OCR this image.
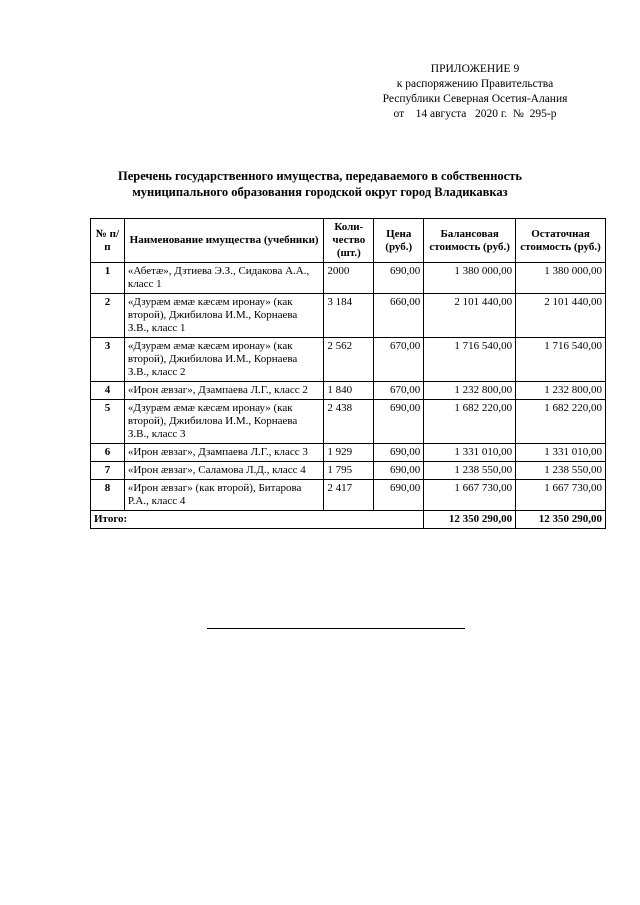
ПРИЛОЖЕНИЕ 9
к распоряжению Правительства
Республики Северная Осетия-Алания
от    14 августа   2020 г.  №  295-р
Перечень государственного имущества, передаваемого в собственность
муниципального образования городской округ город Владикавказ
№ п/п	Наименование имущества (учебники)	Коли-чество (шт.)	Цена (руб.)	Балансовая стоимость (руб.)	Остаточная стоимость (руб.)
1	«Абетæ», Дзтиева Э.З., Сидакова А.А., класс 1	2000	690,00	1 380 000,00	1 380 000,00
2	«Дзурæм æмæ кæсæм иронау» (как второй), Джибилова И.М., Корнаева З.В., класс 1	3 184	660,00	2 101 440,00	2 101 440,00
3	«Дзурæм æмæ кæсæм иронау» (как второй), Джибилова И.М., Корнаева З.В., класс 2	2 562	670,00	1 716 540,00	1 716 540,00
4	«Ирон æвзаг», Дзампаева Л.Г., класс 2	1 840	670,00	1 232 800,00	1 232 800,00
5	«Дзурæм æмæ кæсæм иронау» (как второй), Джибилова И.М., Корнаева З.В., класс 3	2 438	690,00	1 682 220,00	1 682 220,00
6	«Ирон æвзаг», Дзампаева Л.Г., класс 3	1 929	690,00	1 331 010,00	1 331 010,00
7	«Ирон æвзаг», Саламова Л.Д., класс 4	1 795	690,00	1 238 550,00	1 238 550,00
8	«Ирон æвзаг» (как второй), Битарова Р.А., класс 4	2 417	690,00	1 667 730,00	1 667 730,00
Итого:				12 350 290,00	12 350 290,00
